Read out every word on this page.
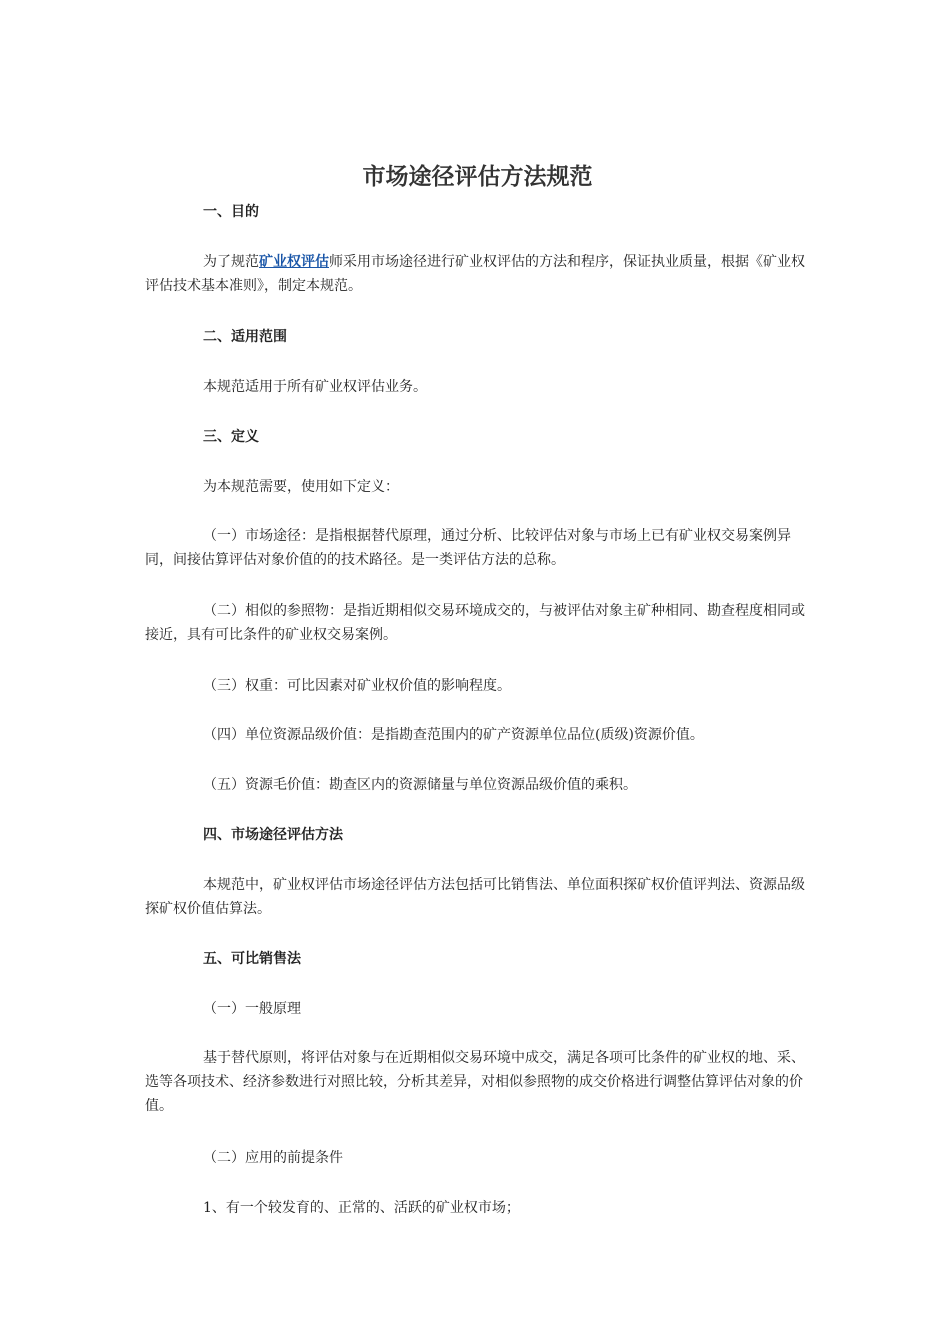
市场途径评估方法规范
一、目的

为了规范矿业权评估师采用市场途径进行矿业权评估的方法和程序，保证执业质量，根据《矿业权评估技术基本准则》，制定本规范。

二、适用范围

本规范适用于所有矿业权评估业务。

三、定义

为本规范需要，使用如下定义：

（一）市场途径：是指根据替代原理，通过分析、比较评估对象与市场上已有矿业权交易案例异同，间接估算评估对象价值的的技术路径。是一类评估方法的总称。

（二）相似的参照物：是指近期相似交易环境成交的，与被评估对象主矿种相同、勘查程度相同或接近，具有可比条件的矿业权交易案例。

（三）权重：可比因素对矿业权价值的影响程度。

（四）单位资源品级价值：是指勘查范围内的矿产资源单位品位(质级)资源价值。

（五）资源毛价值：勘查区内的资源储量与单位资源品级价值的乘积。

四、市场途径评估方法

本规范中，矿业权评估市场途径评估方法包括可比销售法、单位面积探矿权价值评判法、资源品级探矿权价值估算法。

五、可比销售法

（一）一般原理

基于替代原则，将评估对象与在近期相似交易环境中成交，满足各项可比条件的矿业权的地、采、选等各项技术、经济参数进行对照比较，分析其差异，对相似参照物的成交价格进行调整估算评估对象的价值。

（二）应用的前提条件

1、有一个较发育的、正常的、活跃的矿业权市场；
